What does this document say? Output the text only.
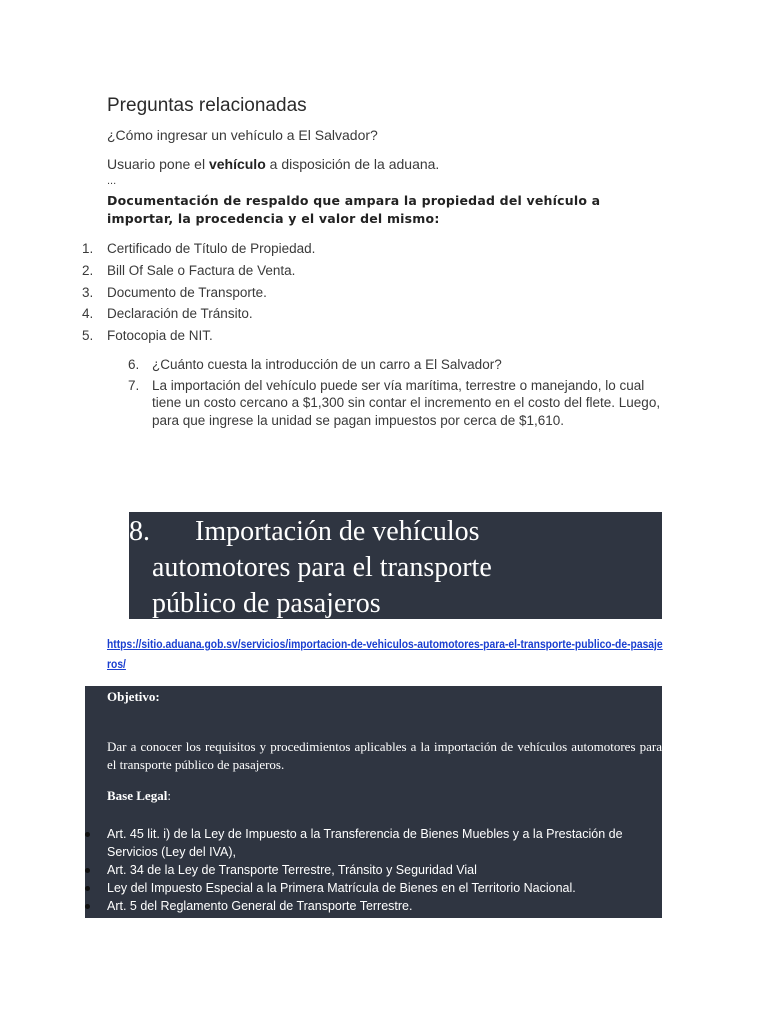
Preguntas relacionadas
¿Cómo ingresar un vehículo a El Salvador?
Usuario pone el vehículo a disposición de la aduana.
...
Documentación de respaldo que ampara la propiedad del vehículo a importar, la procedencia y el valor del mismo:
1. Certificado de Título de Propiedad.
2. Bill Of Sale o Factura de Venta.
3. Documento de Transporte.
4. Declaración de Tránsito.
5. Fotocopia de NIT.
6. ¿Cuánto cuesta la introducción de un carro a El Salvador?
7. La importación del vehículo puede ser vía marítima, terrestre o manejando, lo cual tiene un costo cercano a $1,300 sin contar el incremento en el costo del flete. Luego, para que ingrese la unidad se pagan impuestos por cerca de $1,610.
8.	Importación de vehículos
automotores para el transporte
público de pasajeros
https://sitio.aduana.gob.sv/servicios/importacion-de-vehiculos-automotores-para-el-transporte-publico-de-pasajeros/
Objetivo:
Dar a conocer los requisitos y procedimientos aplicables a la importación de vehículos automotores para el transporte público de pasajeros.
Base Legal:
Art. 45 lit. i) de la Ley de Impuesto a la Transferencia de Bienes Muebles y a la Prestación de Servicios (Ley del IVA),
Art. 34 de la Ley de Transporte Terrestre, Tránsito y Seguridad Vial
Ley del Impuesto Especial a la Primera Matrícula de Bienes en el Territorio Nacional.
Art. 5 del Reglamento General de Transporte Terrestre.
